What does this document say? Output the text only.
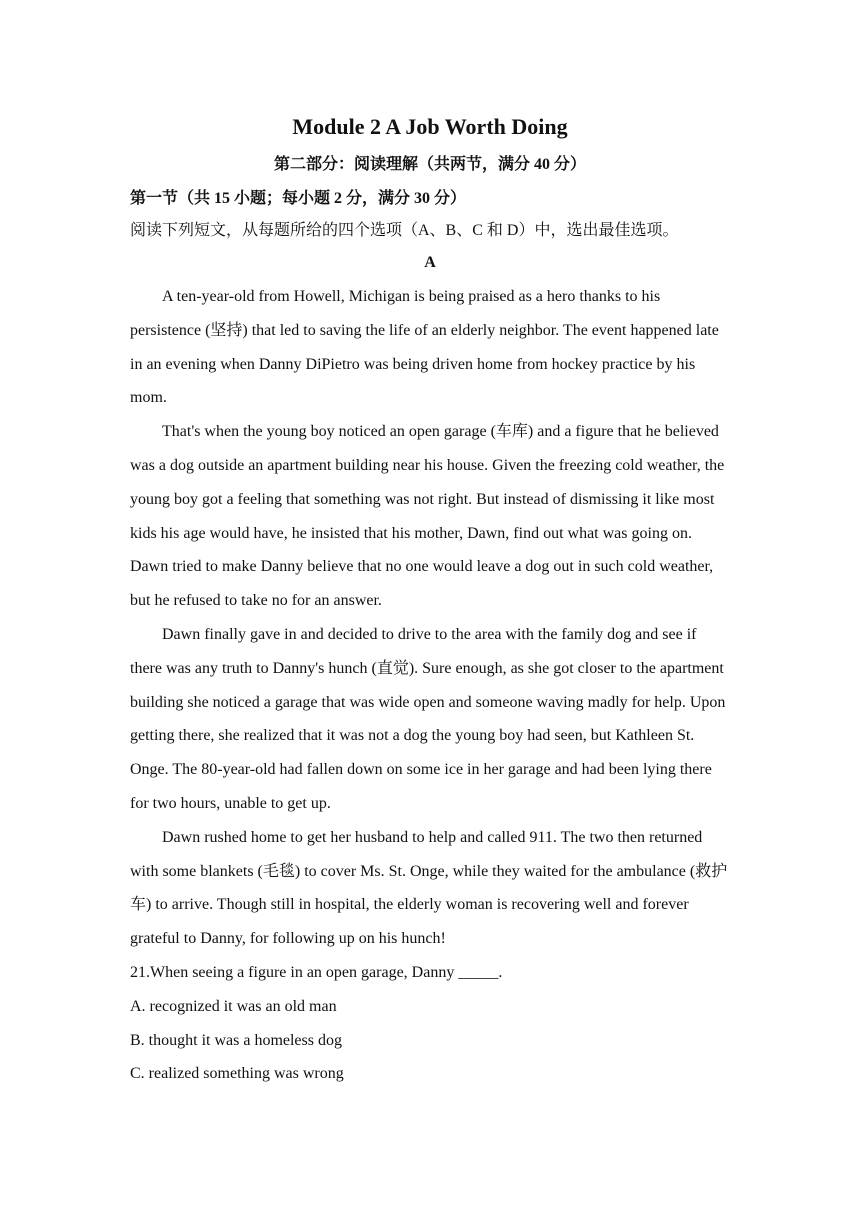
Module 2 A Job Worth Doing
第二部分：阅读理解（共两节，满分 40 分）
第一节（共 15 小题；每小题 2 分，满分 30 分）
阅读下列短文，从每题所给的四个选项（A、B、C 和 D）中，选出最佳选项。
A

A ten-year-old from Howell, Michigan is being praised as a hero thanks to his persistence (坚持) that led to saving the life of an elderly neighbor. The event happened late in an evening when Danny DiPietro was being driven home from hockey practice by his mom.

That's when the young boy noticed an open garage (车库) and a figure that he believed was a dog outside an apartment building near his house. Given the freezing cold weather, the young boy got a feeling that something was not right. But instead of dismissing it like most kids his age would have, he insisted that his mother, Dawn, find out what was going on. Dawn tried to make Danny believe that no one would leave a dog out in such cold weather, but he refused to take no for an answer.

Dawn finally gave in and decided to drive to the area with the family dog and see if there was any truth to Danny's hunch (直觉). Sure enough, as she got closer to the apartment building she noticed a garage that was wide open and someone waving madly for help. Upon getting there, she realized that it was not a dog the young boy had seen, but Kathleen St. Onge. The 80-year-old had fallen down on some ice in her garage and had been lying there for two hours, unable to get up.

Dawn rushed home to get her husband to help and called 911. The two then returned with some blankets (毛毯) to cover Ms. St. Onge, while they waited for the ambulance (救护车) to arrive. Though still in hospital, the elderly woman is recovering well and forever grateful to Danny, for following up on his hunch!

21.When seeing a figure in an open garage, Danny _____.
A. recognized it was an old man
B. thought it was a homeless dog
C. realized something was wrong
